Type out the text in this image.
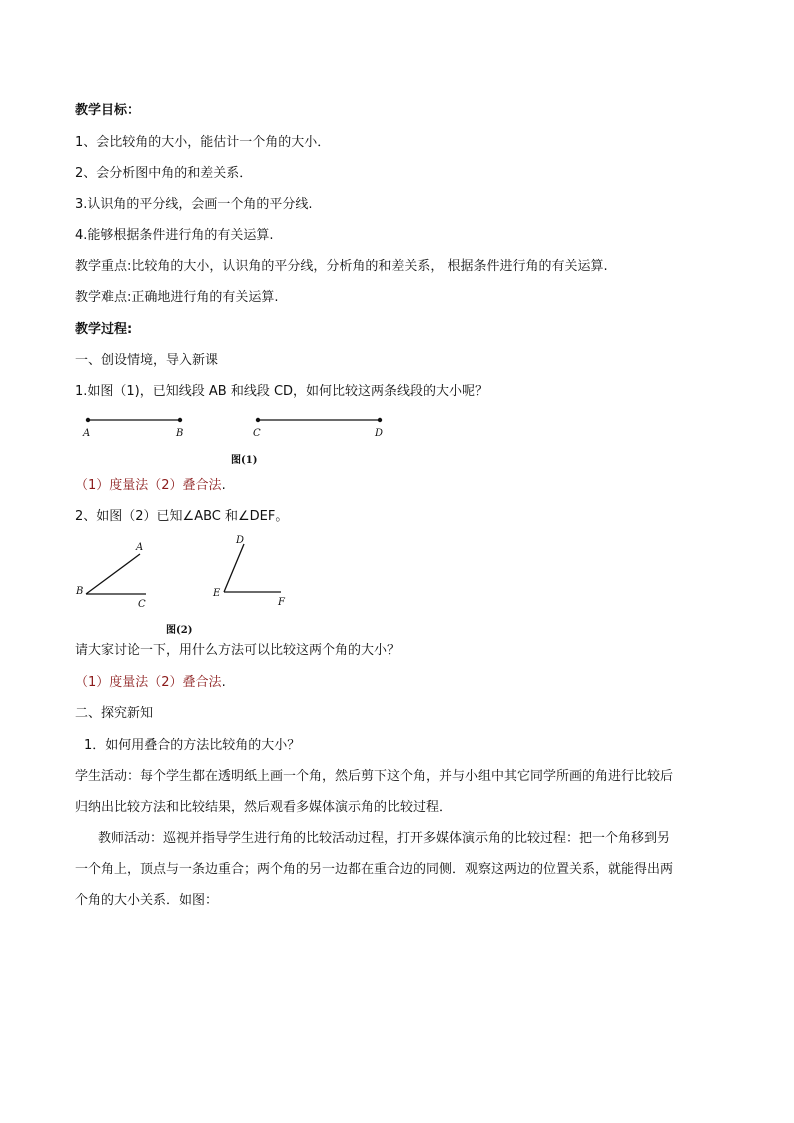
教学目标：
1、会比较角的大小，能估计一个角的大小．
2、会分析图中角的和差关系．
3.认识角的平分线，会画一个角的平分线.
4.能够根据条件进行角的有关运算.
教学重点:比较角的大小，认识角的平分线，分析角的和差关系， 根据条件进行角的有关运算.
教学难点:正确地进行角的有关运算.
教学过程:
一、创设情境，导入新课
1.如图（1)，已知线段 AB 和线段 CD，如何比较这两条线段的大小呢？
A	B	C	D
图(1)
（1）度量法（2）叠合法.
2、如图（2）已知∠ABC 和∠DEF。
A
B
C
D
E
F
图(2)
请大家讨论一下，用什么方法可以比较这两个角的大小？
（1）度量法（2）叠合法.
二、探究新知
1．如何用叠合的方法比较角的大小？
学生活动：每个学生都在透明纸上画一个角，然后剪下这个角，并与小组中其它同学所画的角进行比较后
归纳出比较方法和比较结果，然后观看多媒体演示角的比较过程．
教师活动：巡视并指导学生进行角的比较活动过程，打开多媒体演示角的比较过程：把一个角移到另
一个角上，顶点与一条边重合；两个角的另一边都在重合边的同侧．观察这两边的位置关系，就能得出两
个角的大小关系．如图：
